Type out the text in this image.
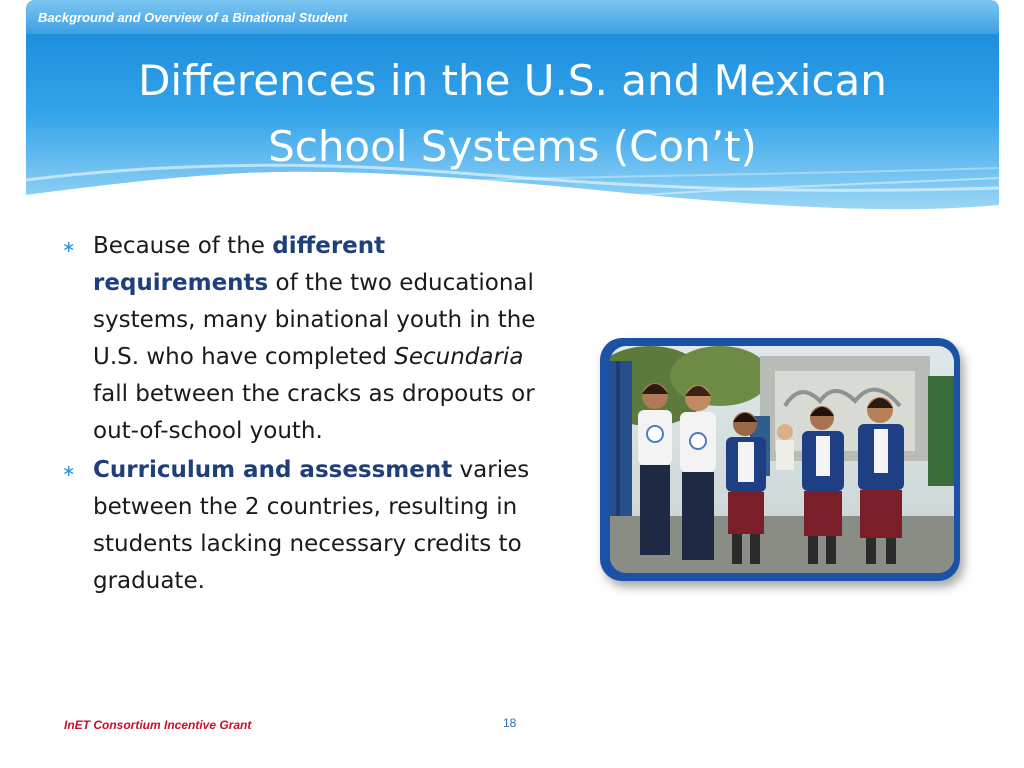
Background and Overview of a Binational Student
Differences in the U.S. and Mexican
School Systems (Con’t)
∗ Because of the different requirements of the two educational systems, many binational youth in the U.S. who have completed Secundaria fall between the cracks as dropouts or out-of-school youth.
∗ Curriculum and assessment varies between the 2 countries, resulting in students lacking necessary credits to graduate.
InET Consortium Incentive Grant	18
